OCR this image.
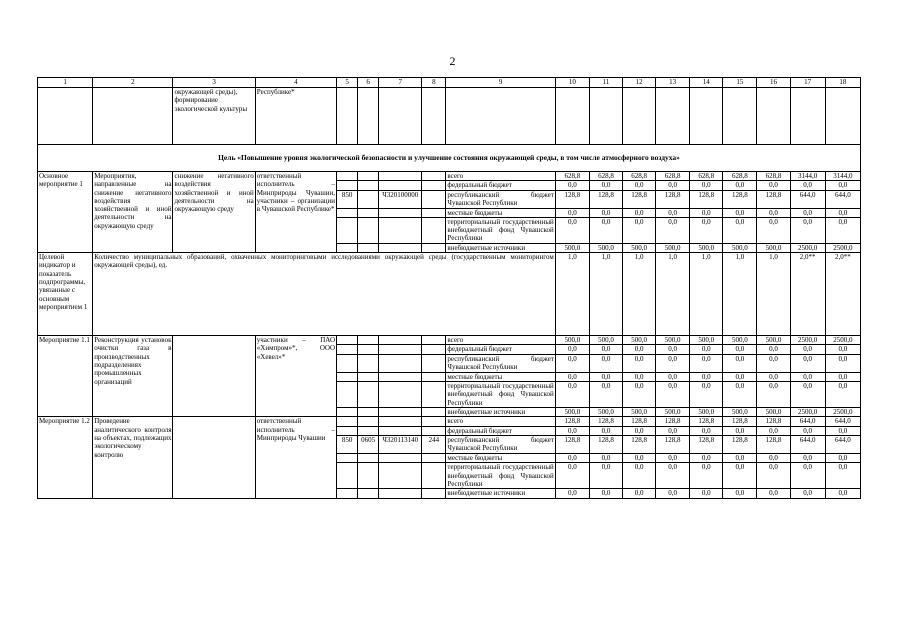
2
1	2	3	4	5	6	7	8	9	10	11	12	13	14	15	16	17	18
		окружающей среды), формирование экологической культуры	Республике*														
Цель «Повышение уровня экологической безопасности и улучшение состояния окружающей среды, в том числе атмосферного воздуха»																	
Основное мероприятие 1	Мероприятия, направленные на снижение негативного воздействия хозяйственной и иной деятельности на окружающую среду	снижение негативного воздействия хозяйственной и иной деятельности на окружающую среду	ответственный исполнитель – Минприроды Чувашии, участники – организации в Чувашской Республике*					всего	628,8	628,8	628,8	628,8	628,8	628,8	628,8	3144,0	3144,0
								федеральный бюджет	0,0	0,0	0,0	0,0	0,0	0,0	0,0	0,0	0,0
				850		Ч320100000		республиканский бюджет Чувашской Республики	128,8	128,8	128,8	128,8	128,8	128,8	128,8	644,0	644,0
								местные бюджеты	0,0	0,0	0,0	0,0	0,0	0,0	0,0	0,0	0,0
								территориальный государственный внебюджетный фонд Чувашской Республики	0,0	0,0	0,0	0,0	0,0	0,0	0,0	0,0	0,0
								внебюджетные источники	500,0	500,0	500,0	500,0	500,0	500,0	500,0	2500,0	2500,0
Целевой индикатор и показатель подпрограммы, увязанные с основным мероприятием 1	Количество муниципальных образований, охваченных мониторинговыми исследованиями окружающей среды (государственным мониторингом окружающей среды), ед.								1,0	1,0	1,0	1,0	1,0	1,0	1,0	2,0**	2,0**
Мероприятие 1.1	Реконструкция установок очистки газа в производственных подразделениях промышленных организаций		участники – ПАО «Химпром»*, ООО «Хевел»*					всего	500,0	500,0	500,0	500,0	500,0	500,0	500,0	2500,0	2500,0
								федеральный бюджет	0,0	0,0	0,0	0,0	0,0	0,0	0,0	0,0	0,0
								республиканский бюджет Чувашской Республики	0,0	0,0	0,0	0,0	0,0	0,0	0,0	0,0	0,0
								местные бюджеты	0,0	0,0	0,0	0,0	0,0	0,0	0,0	0,0	0,0
								территориальный государственный внебюджетный фонд Чувашской Республики	0,0	0,0	0,0	0,0	0,0	0,0	0,0	0,0	0,0
								внебюджетные источники	500,0	500,0	500,0	500,0	500,0	500,0	500,0	2500,0	2500,0
Мероприятие 1.2	Проведение аналитического контроля на объектах, подлежащих экологическому контролю		ответственный исполнитель – Минприроды Чувашии					всего	128,8	128,8	128,8	128,8	128,8	128,8	128,8	644,0	644,0
								федеральный бюджет	0,0	0,0	0,0	0,0	0,0	0,0	0,0	0,0	0,0
				850	0605	Ч320113140	244	республиканский бюджет Чувашской Республики	128,8	128,8	128,8	128,8	128,8	128,8	128,8	644,0	644,0
								местные бюджеты	0,0	0,0	0,0	0,0	0,0	0,0	0,0	0,0	0,0
								территориальный государственный внебюджетный фонд Чувашской Республики	0,0	0,0	0,0	0,0	0,0	0,0	0,0	0,0	0,0
								внебюджетные источники	0,0	0,0	0,0	0,0	0,0	0,0	0,0	0,0	0,0
